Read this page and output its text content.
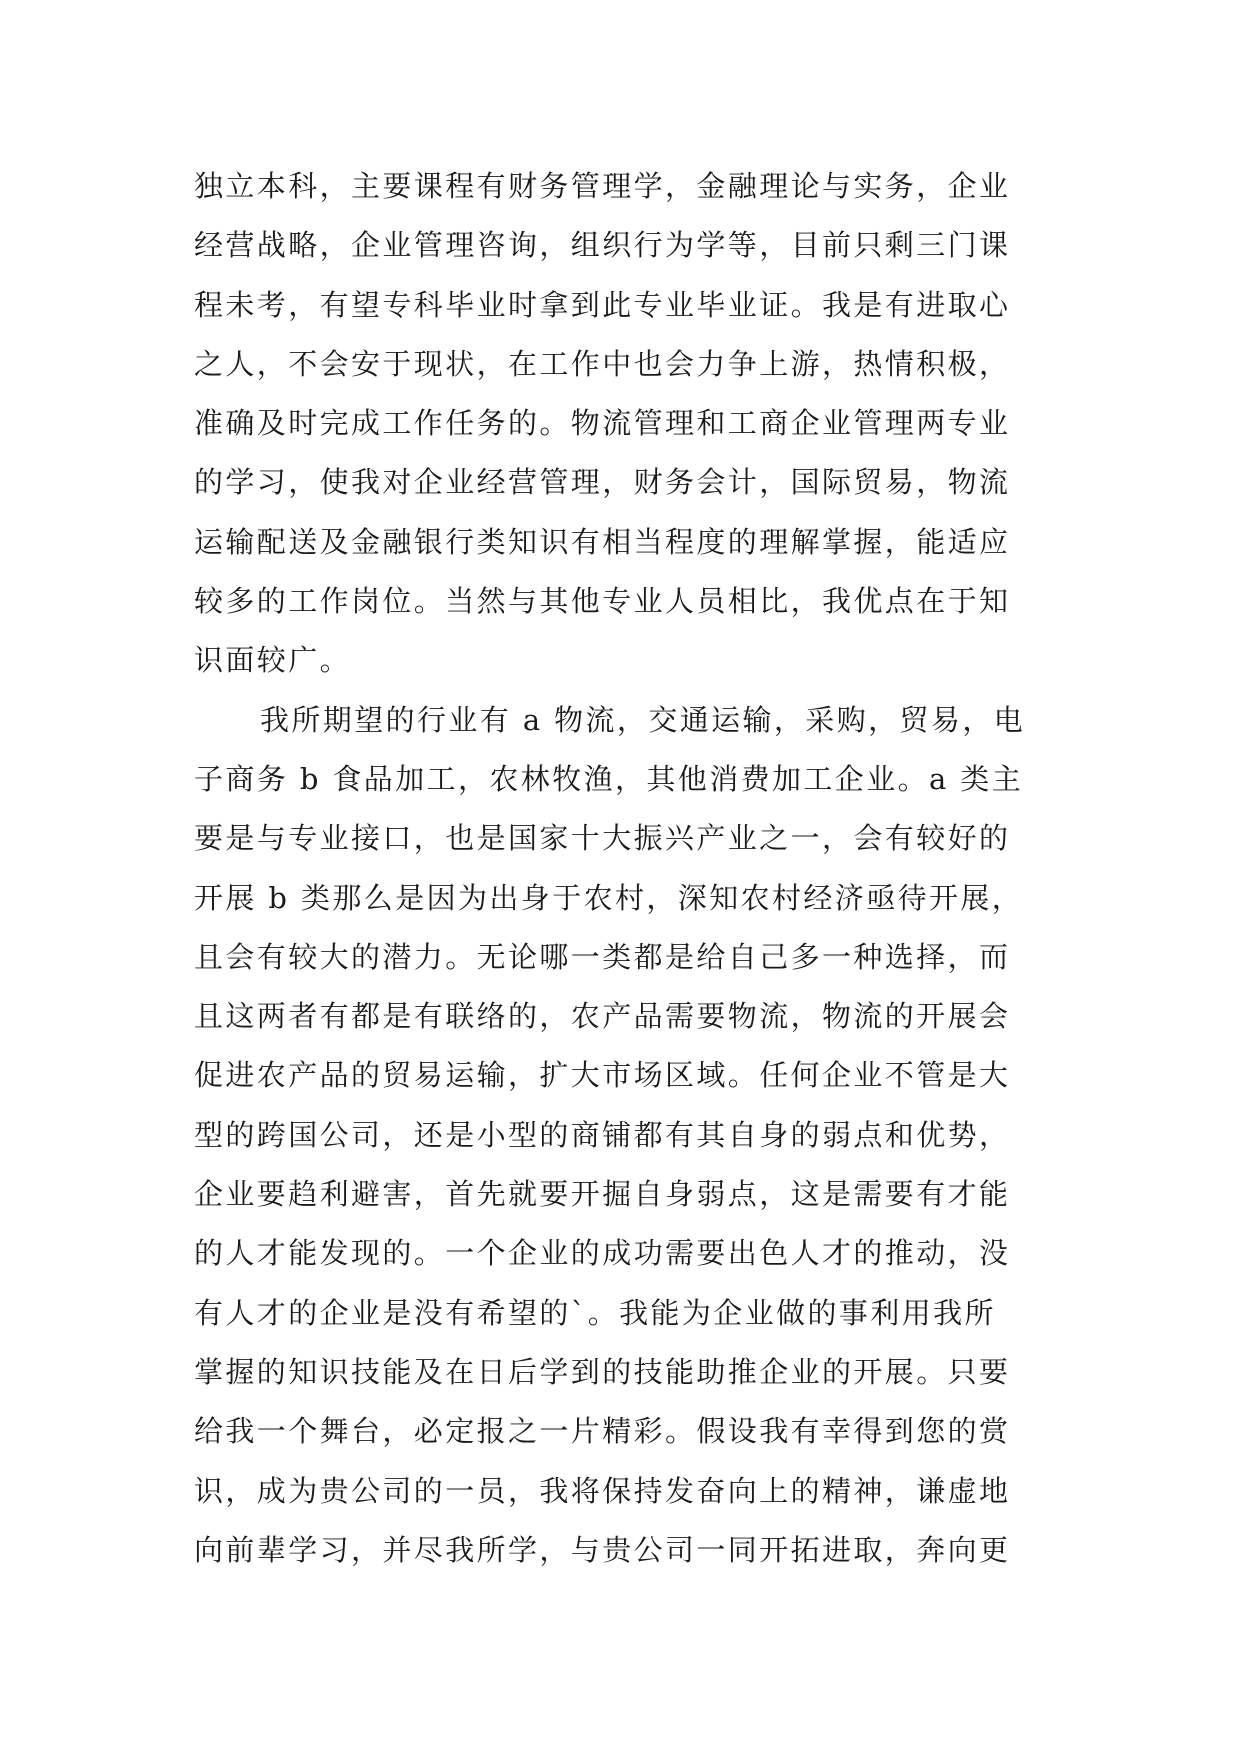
独立本科，主要课程有财务管理学，金融理论与实务，企业
经营战略，企业管理咨询，组织行为学等，目前只剩三门课
程未考，有望专科毕业时拿到此专业毕业证。我是有进取心
之人，不会安于现状，在工作中也会力争上游，热情积极，
准确及时完成工作任务的。物流管理和工商企业管理两专业
的学习，使我对企业经营管理，财务会计，国际贸易，物流
运输配送及金融银行类知识有相当程度的理解掌握，能适应
较多的工作岗位。当然与其他专业人员相比，我优点在于知
识面较广。
我所期望的行业有 a 物流，交通运输，采购，贸易，电
子商务 b 食品加工，农林牧渔，其他消费加工企业。a 类主
要是与专业接口，也是国家十大振兴产业之一，会有较好的
开展 b 类那么是因为出身于农村，深知农村经济亟待开展，
且会有较大的潜力。无论哪一类都是给自己多一种选择，而
且这两者有都是有联络的，农产品需要物流，物流的开展会
促进农产品的贸易运输，扩大市场区域。任何企业不管是大
型的跨国公司，还是小型的商铺都有其自身的弱点和优势，
企业要趋利避害，首先就要开掘自身弱点，这是需要有才能
的人才能发现的。一个企业的成功需要出色人才的推动，没
有人才的企业是没有希望的`。我能为企业做的事利用我所
掌握的知识技能及在日后学到的技能助推企业的开展。只要
给我一个舞台，必定报之一片精彩。假设我有幸得到您的赏
识，成为贵公司的一员，我将保持发奋向上的精神，谦虚地
向前辈学习，并尽我所学，与贵公司一同开拓进取，奔向更
